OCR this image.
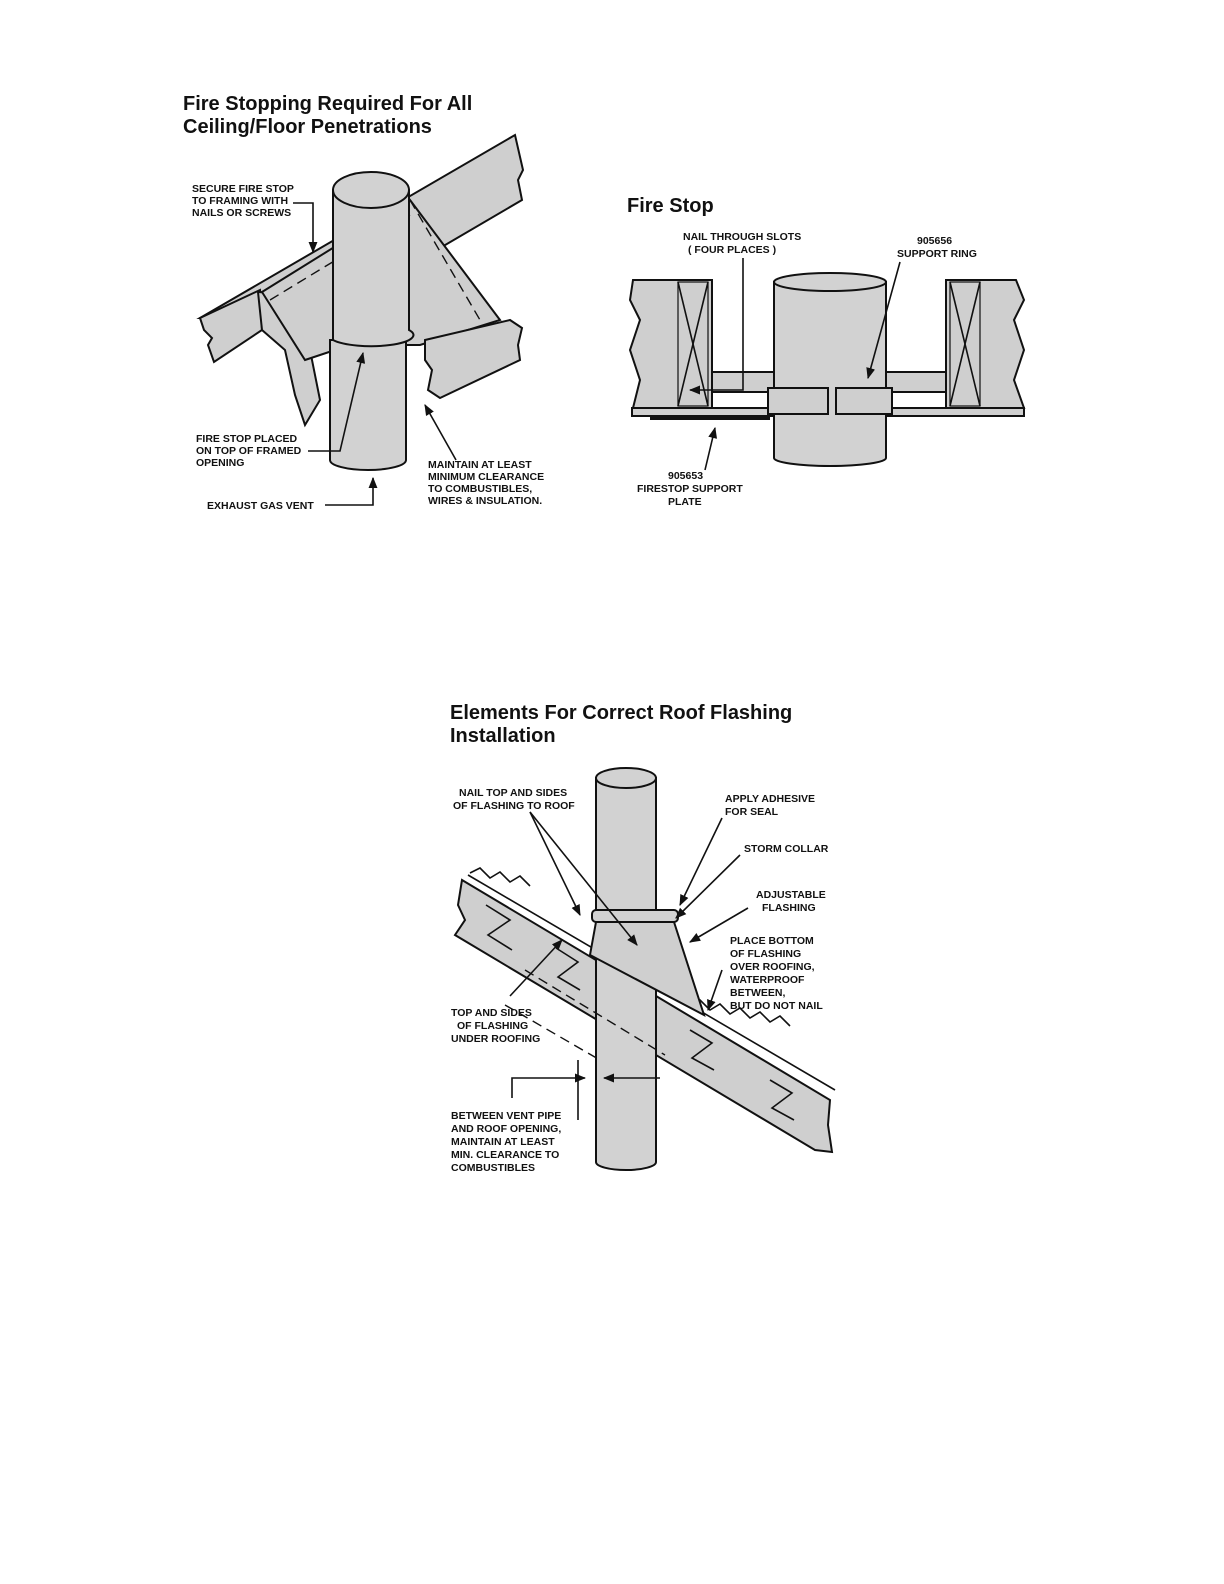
Fire Stopping Required For All
Ceiling/Floor Penetrations
Fire Stop
Elements For Correct Roof Flashing
Installation
SECURE FIRE STOP TO FRAMING WITH NAILS OR SCREWS
FIRE STOP PLACED ON TOP OF FRAMED OPENING	MAINTAIN AT LEAST MINIMUM CLEARANCE TO COMBUSTIBLES, WIRES & INSULATION.
EXHAUST GAS VENT
NAIL THROUGH SLOTS ( FOUR PLACES )
905656 SUPPORT RING
905653 FIRESTOP SUPPORT PLATE
NAIL TOP AND SIDES OF FLASHING TO ROOF
APPLY ADHESIVE FOR SEAL
STORM COLLAR
ADJUSTABLE FLASHING
PLACE BOTTOM OF FLASHING OVER ROOFING, WATERPROOF BETWEEN, BUT DO NOT NAIL
TOP AND SIDES OF FLASHING UNDER ROOFING
BETWEEN VENT PIPE AND ROOF OPENING, MAINTAIN AT LEAST MIN. CLEARANCE TO COMBUSTIBLES
